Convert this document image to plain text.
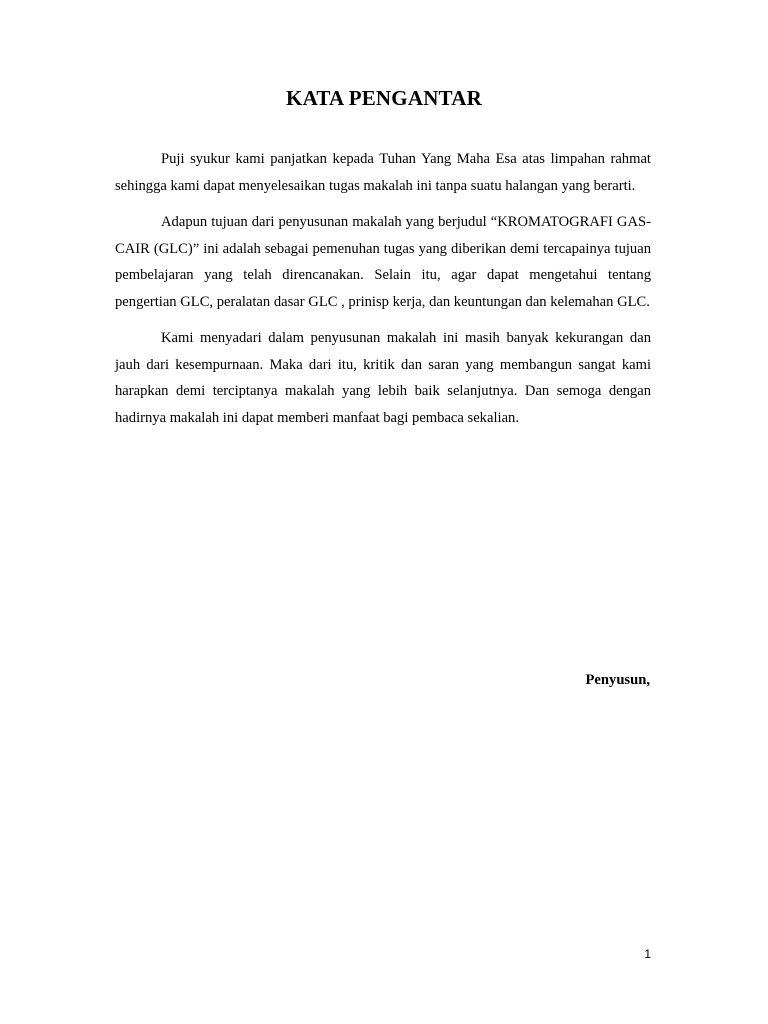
KATA PENGANTAR

Puji syukur kami panjatkan kepada Tuhan Yang Maha Esa atas limpahan rahmat sehingga kami dapat menyelesaikan tugas makalah ini tanpa suatu halangan yang berarti.

Adapun tujuan dari penyusunan makalah yang berjudul “KROMATOGRAFI GAS-CAIR (GLC)” ini adalah sebagai pemenuhan tugas yang diberikan demi tercapainya tujuan pembelajaran yang telah direncanakan. Selain itu, agar dapat mengetahui tentang pengertian GLC, peralatan dasar GLC , prinisp kerja, dan keuntungan dan kelemahan GLC.

Kami menyadari dalam penyusunan makalah ini masih banyak kekurangan dan jauh dari kesempurnaan. Maka dari itu, kritik dan saran yang membangun sangat kami harapkan demi terciptanya makalah yang lebih baik selanjutnya. Dan semoga dengan hadirnya makalah ini dapat memberi manfaat bagi pembaca sekalian.

Penyusun,
1
